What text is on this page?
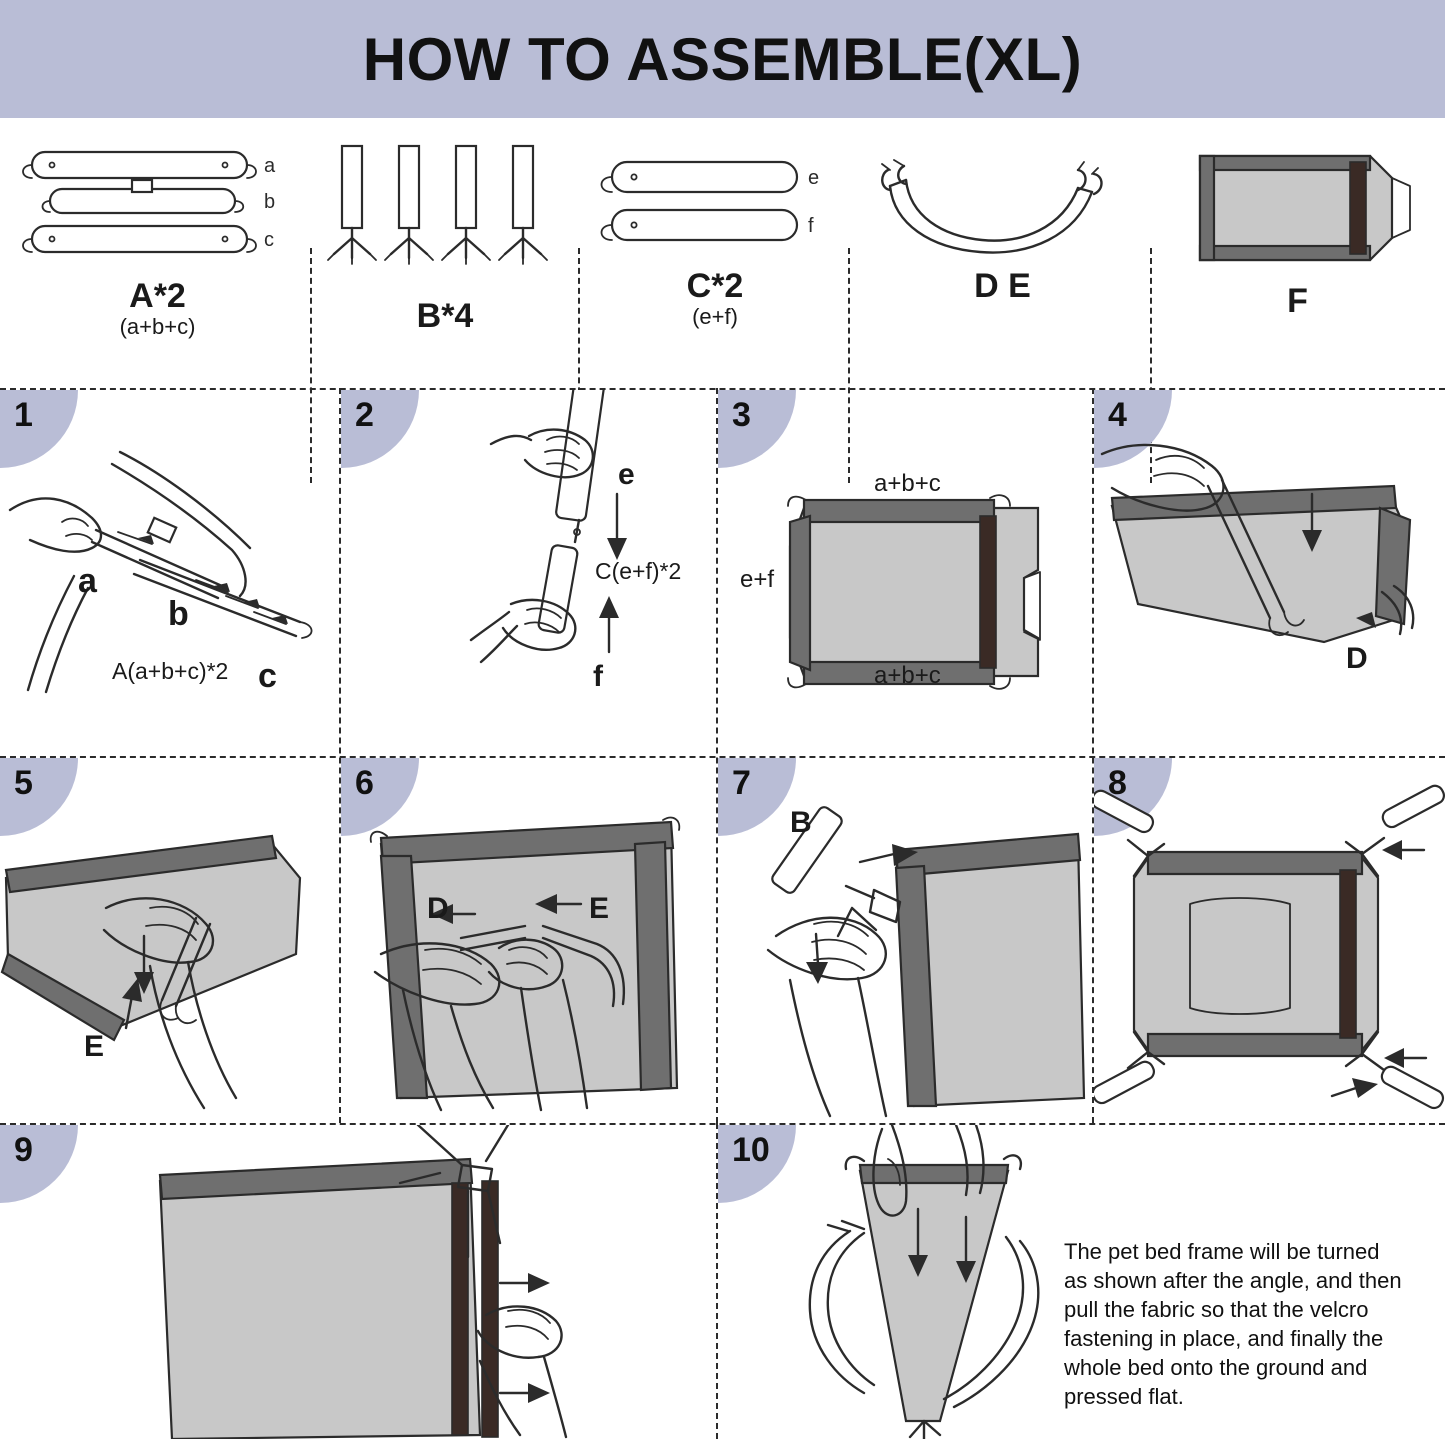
HOW TO ASSEMBLE(XL)
a
b
c
A*2
(a+b+c)	B*4
e
f
C*2
(e+f)
D E	F
1
a
b
c
A(a+b+c)*2
2
e
f
C(e+f)*2
3
a+b+c
a+b+c
e+f
4
D
5
E
6
D	E
7
B
8
9	10
The pet bed frame will be turned as shown after the angle, and then pull the fabric so that the velcro fastening in place, and finally the whole bed onto the ground and pressed flat.
